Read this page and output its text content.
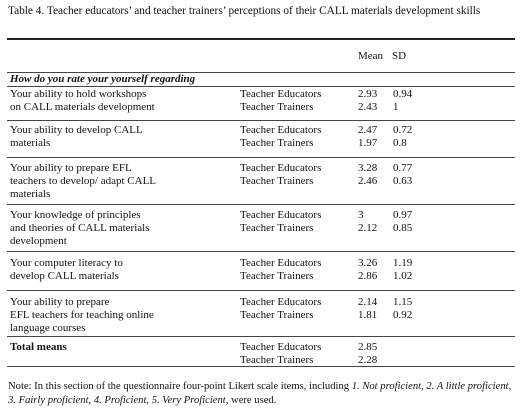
Table 4. Teacher educators’ and teacher trainers’ perceptions of their CALL materials development skills
Mean SD
How do you rate your yourself regarding
Your ability to hold workshops
on CALL materials development
Teacher Educators
Teacher Trainers
2.93
2.43
0.94
1
Your ability to develop CALL
materials
Teacher Educators
Teacher Trainers
2.47
1.97
0.72
0.8
Your ability to prepare EFL
teachers to develop/ adapt CALL
materials
Teacher Educators
Teacher Trainers
3.28
2.46
0.77
0.63
Your knowledge of principles
and theories of CALL materials
development
Teacher Educators
Teacher Trainers
3
2.12
0.97
0.85
Your computer literacy to
develop CALL materials
Teacher Educators
Teacher Trainers
3.26
2.86
1.19
1.02
Your ability to prepare
EFL teachers for teaching online
language courses
Teacher Educators
Teacher Trainers
2.14
1.81
1.15
0.92
Total means	Teacher Educators
Teacher Trainers
2.85
2.28
Note: In this section of the questionnaire four-point Likert scale items, including 1. Not proficient, 2. A little proficient, 3. Fairly proficient, 4. Proficient, 5. Very Proficient, were used.
